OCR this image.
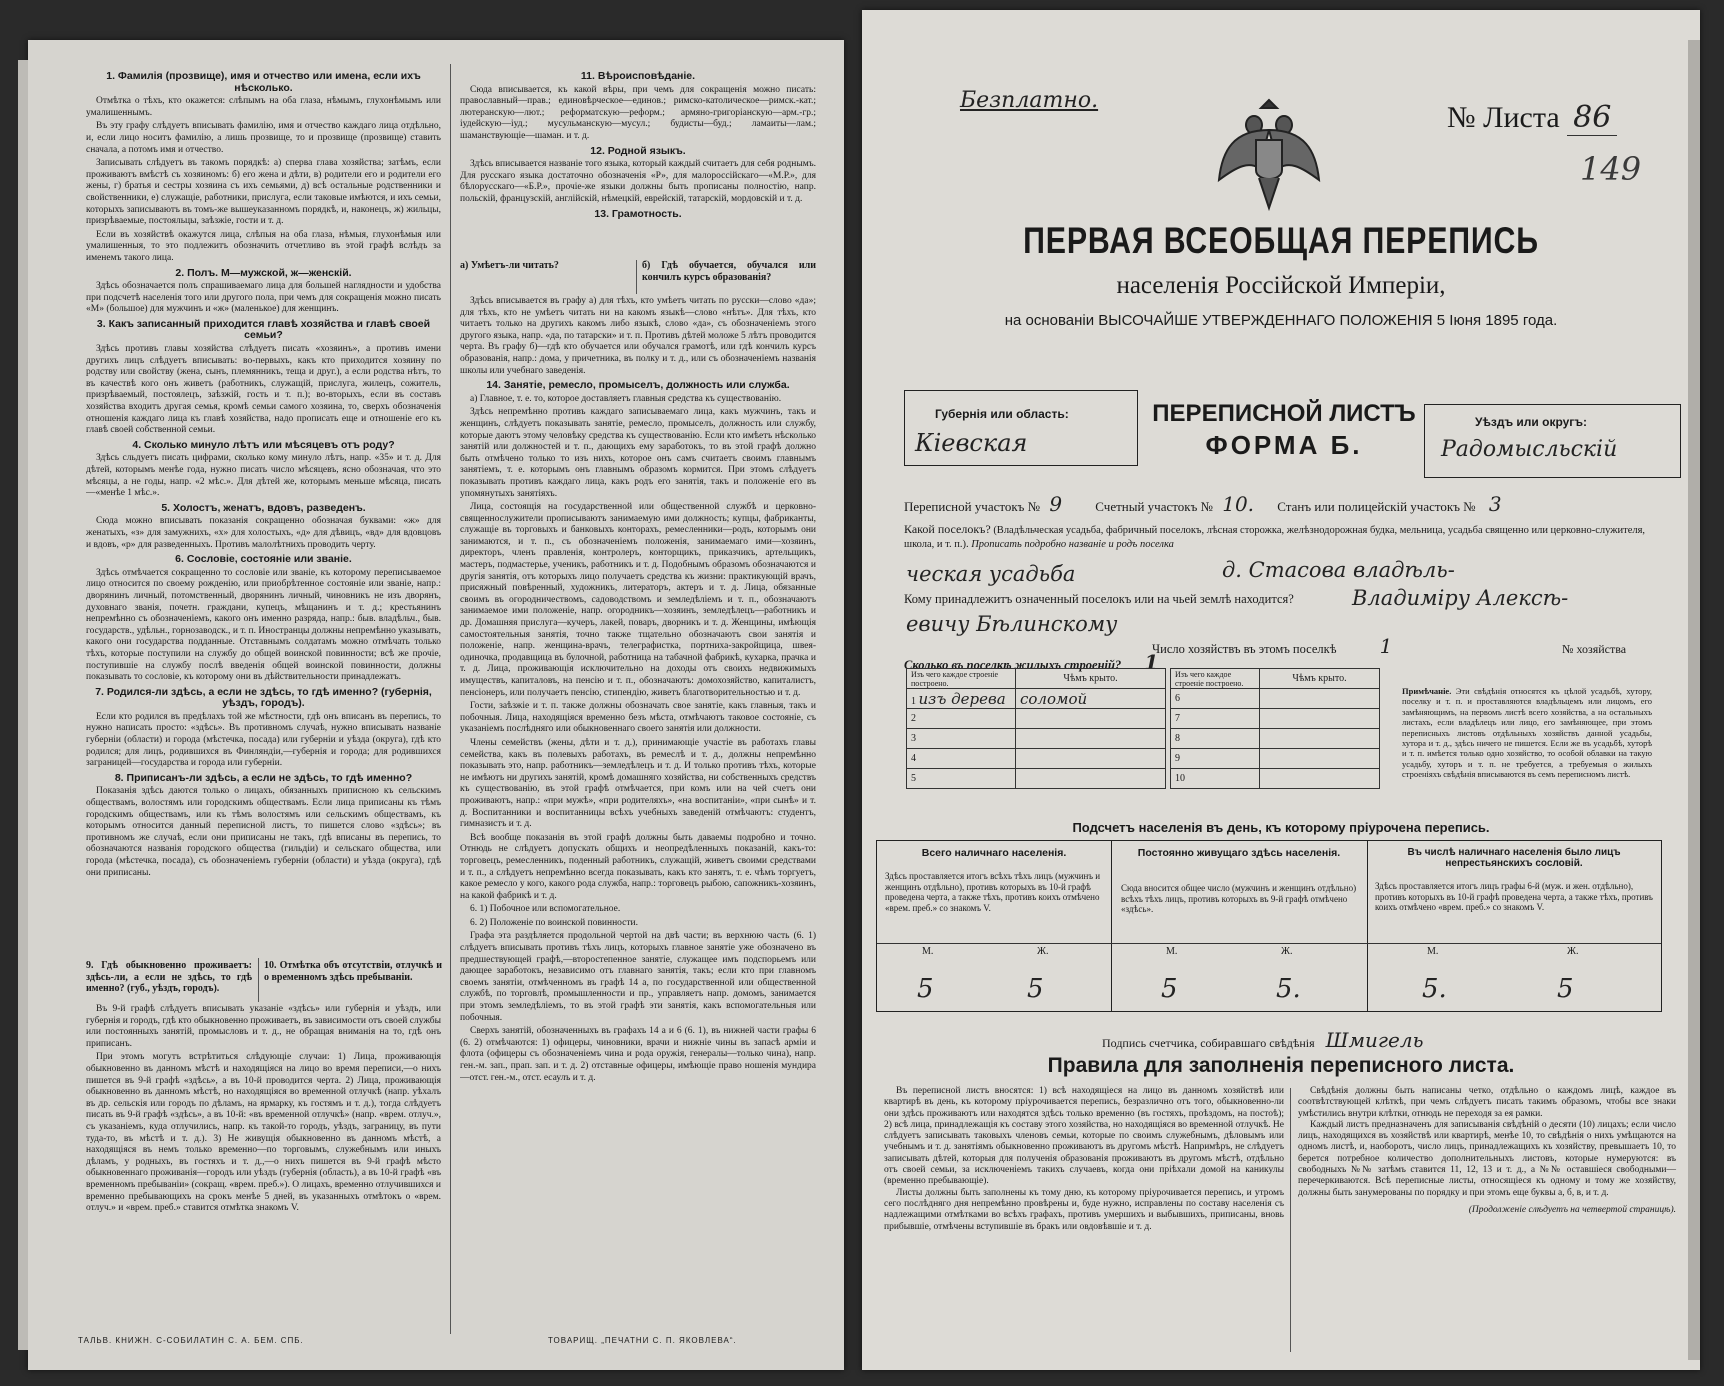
1. Фамилія (прозвище), имя и отчество или имена, если ихъ нѣсколько.

Отмѣтка о тѣхъ, кто окажется: слѣпымъ на оба глаза, нѣмымъ, глухонѣмымъ или умалишеннымъ.

Въ эту графу слѣдуетъ вписывать фамилію, имя и отчество каждаго лица отдѣльно, и, если лицо носитъ фамилію, а лишь прозвище, то и прозвище (прозвище) ставить сначала, а потомъ имя и отчество.

Записывать слѣдуетъ въ такомъ порядкѣ: а) сперва глава хозяйства; затѣмъ, если проживаютъ вмѣстѣ съ хозяиномъ: б) его жена и дѣти, в) родители его и родители его жены, г) братья и сестры хозяина съ ихъ семьями, д) всѣ остальные родственники и свойственники, е) служащіе, работники, прислуга, если таковые имѣются, и ихъ семьи, которыхъ записываютъ въ томъ-же вышеуказанномъ порядкѣ, и, наконецъ, ж) жильцы, призрѣваемые, постояльцы, заѣзжіе, гости и т. д.

Если въ хозяйствѣ окажутся лица, слѣпыя на оба глаза, нѣмыя, глухонѣмыя или умалишенныя, то это подлежитъ обозначить отчетливо въ этой графѣ вслѣдъ за именемъ такого лица.

2. Полъ. М—мужской, ж—женскій.

Здѣсь обозначается полъ спрашиваемаго лица для большей наглядности и удобства при подсчетѣ населенія того или другого пола, при чемъ для сокращенія можно писать «М» (большое) для мужчинъ и «ж» (маленькое) для женщинъ.

3. Какъ записанный приходится главѣ хозяйства и главѣ своей семьи?

Здѣсь противъ главы хозяйства слѣдуетъ писать «хозяинъ», а противъ имени другихъ лицъ слѣдуетъ вписывать: во-первыхъ, какъ кто приходится хозяину по родству или свойству (жена, сынъ, племянникъ, теща и друг.), а если родства нѣтъ, то въ качествѣ кого онъ живетъ (работникъ, служащій, прислуга, жилецъ, сожитель, призрѣваемый, постоялецъ, заѣзжій, гость и т. п.); во-вторыхъ, если въ составъ хозяйства входитъ другая семья, кромѣ семьи самого хозяина, то, сверхъ обозначенія отношенія каждаго лица къ главѣ хозяйства, надо прописать еще и отношеніе его къ главѣ своей собственной семьи.

4. Сколько минуло лѣтъ или мѣсяцевъ отъ роду?

Здѣсь сльдуетъ писать цифрами, сколько кому минуло лѣтъ, напр. «35» и т. д. Для дѣтей, которымъ менѣе года, нужно писать число мѣсяцевъ, ясно обозначая, что это мѣсяцы, а не годы, напр. «2 мѣс.». Для дѣтей же, которымъ меньше мѣсяца, писать—«менѣе 1 мѣс.».

5. Холостъ, женатъ, вдовъ, разведенъ.

Сюда можно вписывать показанія сокращенно обозначая буквами: «ж» для женатыхъ, «з» для замужнихъ, «х» для холостыхъ, «д» для дѣвицъ, «вд» для вдовцовъ и вдовъ, «р» для разведенныхъ. Противъ малолѣтнихъ проводить черту.

6. Сословіе, состояніе или званіе.

Здѣсь отмѣчается сокращенно то сословіе или званіе, къ которому переписываемое лицо относится по своему рожденію, или приобрѣтенное состояніе или званіе, напр.: дворянинъ личный, потомственный, дворянинъ личный, чиновникъ не изъ дворянъ, духовнаго званія, почетн. граждани, купецъ, мѣщанинъ и т. д.; крестьянинъ непремѣнно съ обозначеніемъ, какого онъ именно разряда, напр.: быв. владѣльч., быв. государств., удѣльн., горнозаводск., и т. п. Иностранцы должны непремѣнно указывать, какого они государства подданные. Отставнымъ солдатамъ можно отмѣчать только тѣхъ, которые поступили на службу до общей воинской повинности; всѣ же прочіе, поступившіе на службу послѣ введенія общей воинской повинности, должны показывать то сословіе, къ которому они въ дѣйствительности принадлежатъ.

7. Родился-ли здѣсь, а если не здѣсь, то гдѣ именно? (губернія, уѣздъ, городъ).

Если кто родился въ предѣлахъ той же мѣстности, гдѣ онъ вписанъ въ перепись, то нужно написать просто: «здѣсь». Въ противномъ случаѣ, нужно вписывать названіе губерніи (области) и города (мѣстечка, посада) или губерніи и уѣзда (округа), гдѣ кто родился; для лицъ, родившихся въ Финляндіи,—губернія и города; для родившихся заграницей—государства и города или губерніи.

8. Приписанъ-ли здѣсь, а если не здѣсь, то гдѣ именно?

Показанія здѣсь даются только о лицахъ, обязанныхъ приписною къ сельскимъ обществамъ, волостямъ или городскимъ обществамъ. Если лица приписаны къ тѣмъ городскимъ обществамъ, или къ тѣмъ волостямъ или сельскимъ обществамъ, къ которымъ относится данный переписной листъ, то пишется слово «здѣсь»; въ противномъ же случаѣ, если они приписаны не такъ, гдѣ вписаны въ перепись, то обозначаются названія городского общества (гильдіи) и сельскаго общества, или города (мѣстечка, посада), съ обозначеніемъ губерніи (области) и уѣзда (округа), гдѣ они приписаны.

9. Гдѣ обыкновенно проживаетъ: здѣсь-ли, а если не здѣсь, то гдѣ именно? (губ., уѣздъ, городъ).
10. Отмѣтка объ отсутствіи, отлучкѣ и о временномъ здѣсь пребываніи.

Въ 9-й графѣ слѣдуетъ вписывать указаніе «здѣсь» или губернія и уѣздъ, или губернія и городъ, гдѣ кто обыкновенно проживаетъ, въ зависимости отъ своей службы или постоянныхъ занятій, промысловъ и т. д., не обращая вниманія на то, гдѣ онъ приписанъ.

При этомъ могутъ встрѣтиться слѣдующіе случаи: 1) Лица, проживающія обыкновенно въ данномъ мѣстѣ и находящіяся на лицо во время переписи,—о нихъ пишется въ 9-й графѣ «здѣсь», а въ 10-й проводится черта. 2) Лица, проживающія обыкновенно въ данномъ мѣстѣ, но находящіяся во временной отлучкѣ (напр. уѣхалъ въ др. сельскія или городъ по дѣламъ, на ярмарку, къ гостямъ и т. д.), тогда слѣдуетъ писать въ 9-й графѣ «здѣсь», а въ 10-й: «въ временной отлучкѣ» (напр. «врем. отлуч.», съ указаніемъ, куда отлучились, напр. къ такой-то городъ, уѣздъ, заграницу, въ пути туда-то, въ мѣстѣ и т. д.). 3) Не живущія обыкновенно въ данномъ мѣстѣ, а находящіяся въ немъ только временно—по торговымъ, служебнымъ или иныхъ дѣламъ, у родныхъ, въ гостяхъ и т. д.,—о нихъ пишется въ 9-й графѣ мѣсто обыкновеннаго проживанія—городъ или уѣздъ (губернія (область), а въ 10-й графѣ «въ временномъ пребываніи» (сокращ. «врем. преб.»). О лицахъ, временно отлучившихся и временно пребывающихъ на срокъ менѣе 5 дней, въ указанныхъ отмѣтокъ о «врем. отлуч.» и «врем. преб.» ставится отмѣтка знакомъ V.

11. Вѣроисповѣданіе.

Сюда вписывается, къ какой вѣры, при чемъ для сокращенія можно писать: православный—прав.; единовѣрческое—единов.; римско-католическое—римск.-кат.; лютеранскую—лют.; реформатскую—реформ.; армяно-григоріанскую—арм.-гр.; іудейскую—іуд.; мусульманскую—мусул.; будисты—буд.; ламаиты—лам.; шаманствующіе—шаман. и т. д.

12. Родной языкъ.

Здѣсь вписывается названіе того языка, который каждый считаетъ для себя роднымъ. Для русскаго языка достаточно обозначенія «Р», для малороссійскаго—«М.Р.», для бѣлорусскаго—«Б.Р.», прочіе-же языки должны быть прописаны полностію, напр. польскій, французскій, англійскій, нѣмецкій, еврейскій, татарскій, мордовскій и т. д.

13. Грамотность.
а) Умѣетъ-ли читать?	б) Гдѣ обучается, обучался или кончилъ курсъ образованія?

Здѣсь вписывается въ графу а) для тѣхъ, кто умѣетъ читать по русски—слово «да»; для тѣхъ, кто не умѣетъ читать ни на какомъ языкѣ—слово «нѣтъ». Для тѣхъ, кто читаетъ только на другихъ какомъ либо языкѣ, слово «да», съ обозначеніемъ этого другого языка, напр. «да, по татарски» и т. п. Противъ дѣтей моложе 5 лѣтъ проводится черта. Въ графу б)—гдѣ кто обучается или обучался грамотѣ, или гдѣ кончилъ курсъ образованія, напр.: дома, у причетника, въ полку и т. д., или съ обозначеніемъ названія школы или учебнаго заведенія.

14. Занятіе, ремесло, промыселъ, должность или служба.

а) Главное, т. е. то, которое доставляетъ главныя средства къ существованію.

Здѣсь непремѣнно противъ каждаго записываемаго лица, какъ мужчинъ, такъ и женщинъ, слѣдуетъ показывать занятіе, ремесло, промыселъ, должность или службу, которые даютъ этому человѣку средства къ существованію. Если кто имѣетъ нѣсколько занятій или должностей и т. п., дающихъ ему заработокъ, то въ этой графѣ должно быть отмѣчено только то изъ нихъ, которое онъ самъ считаетъ своимъ главнымъ занятіемъ, т. е. которымъ онъ главнымъ образомъ кормится. При этомъ слѣдуетъ показывать противъ каждаго лица, какъ родъ его занятія, такъ и положеніе его въ упомянутыхъ занятіяхъ.

Лица, состоящія на государственной или общественной службѣ и церковно-священнослужители прописываютъ занимаемую ими должность; купцы, фабриканты, служащіе въ торговыхъ и банковыхъ конторахъ, ремесленники—родъ, которымъ они занимаются, и т. п., съ обозначеніемъ положенія, занимаемаго ими—хозяинъ, директоръ, членъ правленія, контролеръ, конторщикъ, приказчикъ, артельщикъ, мастеръ, подмастерье, ученикъ, работникъ и т. д. Подобнымъ образомъ обозначаются и другія занятія, отъ которыхъ лицо получаетъ средства къ жизни: практикующій врачъ, присяжный повѣренный, художникъ, литераторъ, актеръ и т. д. Лица, обязанные своимъ въ огородничествомъ, садоводствомъ и земледѣліемъ и т. п., обозначаютъ занимаемое ими положеніе, напр. огородникъ—хозяинъ, земледѣлецъ—работникъ и др. Домашняя прислуга—кучеръ, лакей, поваръ, дворникъ и т. д. Женщины, имѣющія самостоятельныя занятія, точно также тщательно обозначаютъ свои занятія и положеніе, напр. женщина-врачъ, телеграфистка, портниха-закройщица, швея-одиночка, продавщица въ булочной, работница на табачной фабрикѣ, кухарка, прачка и т. д. Лица, проживающія исключительно на доходы отъ своихъ недвижимыхъ имуществъ, капиталовъ, на пенсію и т. п., обозначаютъ: домохозяйство, капиталистъ, пенсіонеръ, или получаетъ пенсію, стипендію, живетъ благотворительностью и т. д.

Гости, заѣзжіе и т. п. также должны обозначать свое занятіе, какъ главныя, такъ и побочныя. Лица, находящіяся временно безъ мѣста, отмѣчаютъ таковое состояніе, съ указаніемъ послѣдняго или обыкновеннаго своего занятія или должности.

Члены семействъ (жены, дѣти и т. д.), принимающіе участіе въ работахъ главы семейства, какъ въ полевыхъ работахъ, въ ремеслѣ и т. д., должны непремѣнно показывать это, напр. работникъ—земледѣлецъ и т. д. И только противъ тѣхъ, которые не имѣютъ ни другихъ занятій, кромѣ домашняго хозяйства, ни собственныхъ средствъ къ существованію, въ этой графѣ отмѣчается, при комъ или на чей счетъ они проживаютъ, напр.: «при мужѣ», «при родителяхъ», «на воспитаніи», «при сынѣ» и т. д. Воспитанники и воспитанницы всѣхъ учебныхъ заведеній отмѣчаютъ: студентъ, гимназистъ и т. д.

Всѣ вообще показанія въ этой графѣ должны быть даваемы подробно и точно. Отнюдь не слѣдуетъ допускать общихъ и неопредѣленныхъ показаній, какъ-то: торговецъ, ремесленникъ, поденный работникъ, служащій, живетъ своими средствами и т. п., а слѣдуетъ непремѣнно всегда показывать, какъ кто занятъ, т. е. чѣмъ торгуетъ, какое ремесло у кого, какого рода служба, напр.: торговецъ рыбою, сапожникъ-хозяинъ, на какой фабрикѣ и т. д.

6. 1) Побочное или вспомогательное.

6. 2) Положеніе по воинской повинности.

Графа эта раздѣляется продольной чертой на двѣ части; въ верхнюю часть (6. 1) слѣдуетъ вписывать противъ тѣхъ лицъ, которыхъ главное занятіе уже обозначено въ предшествующей графѣ,—второстепенное занятіе, служащее имъ подспорьемъ или дающее заработокъ, независимо отъ главнаго занятія, такъ; если кто при главномъ своемъ занятіи, отмѣченномъ въ графѣ 14 а, по государственной или общественной службѣ, по торговлѣ, промышленности и пр., управляетъ напр. домомъ, занимается при этомъ земледѣліемъ, то въ этой графѣ эти занятія, какъ вспомогательныя или побочныя.

Сверхъ занятій, обозначенныхъ въ графахъ 14 а и 6 (6. 1), въ нижней части графы 6 (6. 2) отмѣчаются: 1) офицеры, чиновники, врачи и нижніе чины въ запасѣ арміи и флота (офицеры съ обозначеніемъ чина и рода оружія, генералы—только чина), напр. ген.-м. зап., прап. зап. и т. д. 2) отставные офицеры, имѣющіе право ношенія мундира—отст. ген.-м., отст. есаулъ и т. д.

ТАЛЬВ. КНИЖН. С-СОБИЛАТИН С. А. БЕМ. СПБ.	ТОВАРИЩ. „ПЕЧАТНИ С. П. ЯКОВЛЕВА“.
Безплатно.
№ Листа 86
149
ПЕРВАЯ ВСЕОБЩАЯ ПЕРЕПИСЬ
населенія Россійской Имперіи,
на основаніи ВЫСОЧАЙШЕ УТВЕРЖДЕННАГО ПОЛОЖЕНІЯ 5 Іюня 1895 года.
Губернія или область:
Кіевская
ПЕРЕПИСНОЙ ЛИСТЪ
ФОРМА Б.
Уѣздъ или округъ:
Радомысльскій
Переписной участокъ № 9	Счетный участокъ № 10. Станъ или полицейскій участокъ № 3
Какой поселокъ? (Владѣльческая усадьба, фабричный поселокъ, лѣсная сторожка, желѣзнодорожная будка, мельница, усадьба священно или церковно-служителя, школа, и т. п.). Прописать подробно названіе и родъ поселка
д. Стасова владѣль-
ческая усадьба
Кому принадлежитъ означенный поселокъ или на чьей землѣ находится?	Владиміру Алексѣ-
евичу Бѣлинскому
Число хозяйствъ въ этомъ поселкѣ 1
Сколько въ поселкѣ жилыхъ строеній? 1
№ хозяйства
Изъ чего каждое строеніе построено.	Чѣмъ крыто.
1 изъ дерева	соломой
2	
3	
4	
5	
Изъ чего каждое строеніе построено.	Чѣмъ крыто.
6	
7	
8	
9	
10	
Примѣчаніе. Эти свѣдѣнія относятся къ цѣлой усадьбѣ, хутору, поселку и т. п. и проставляются владѣльцемъ или лицомъ, его замѣняющимъ, на первомъ листѣ всего хозяйства, а на остальныхъ листахъ, если владѣлецъ или лицо, его замѣняющее, при этомъ переписныхъ листовъ отдѣльныхъ хозяйствъ данной усадьбы, хутора и т. д., здѣсь ничего не пишется. Если же въ усадьбѣ, хуторѣ и т. п. имѣется только одно хозяйство, то особой облавки на такую усадьбу, хуторъ и т. п. не требуется, а требуемыя о жилыхъ строеніяхъ свѣдѣнія вписываются въ семъ переписномъ листѣ.
Подсчетъ населенія въ день, къ которому пріурочена перепись.
Всего наличнаго населенія.
Здѣсь проставляется итогъ всѣхъ тѣхъ лицъ (мужчинъ и женщинъ отдѣльно), противъ которыхъ въ 10-й графѣ проведена черта, а также тѣхъ, противъ коихъ отмѣчено «врем. преб.» со знакомъ V.
М.	Ж.
5	5
Постоянно живущаго здѣсь населенія.
Сюда вносится общее число (мужчинъ и женщинъ отдѣльно) всѣхъ тѣхъ лицъ, противъ которыхъ въ 9-й графѣ отмѣчено «здѣсь».
М.	Ж.
5	5.
Въ числѣ наличнаго населенія было лицъ непрестьянскихъ сословій.
Здѣсь проставляется итогъ лицъ графы 6-й (муж. и жен. отдѣльно), противъ которыхъ въ 10-й графѣ проведена черта, а также тѣхъ, противъ коихъ отмѣчено «врем. преб.» со знакомъ V.
М.	Ж.
5.	5
Подпись счетчика, собиравшаго свѣдѣнія Шмигель
Правила для заполненія переписного листа.

Въ переписной листъ вносятся: 1) всѣ находящіеся на лицо въ данномъ хозяйствѣ или квартирѣ въ день, къ которому пріурочивается перепись, безразлично отъ того, обыкновенно-ли они здѣсь проживаютъ или находятся здѣсь только временно (въ гостяхъ, проѣздомъ, на постоѣ); 2) всѣ лица, принадлежащія къ составу этого хозяйства, но находящіяся во временной отлучкѣ. Не слѣдуетъ записывать таковыхъ членовъ семьи, которые по своимъ служебнымъ, дѣловымъ или учебнымъ и т. д. занятіямъ обыкновенно проживаютъ въ другомъ мѣстѣ. Напримѣръ, не слѣдуетъ записывать дѣтей, которыя для полученія образованія проживаютъ въ другомъ мѣстѣ, отдѣльно отъ своей семьи, за исключеніемъ такихъ случаевъ, когда они пріѣхали домой на каникулы (временно пребывающіе).

Листы должны быть заполнены къ тому дню, къ которому пріурочивается перепись, и утромъ сего послѣдняго дня непремѣнно провѣрены и, буде нужно, исправлены по составу населенія съ надлежащими отмѣтками во всѣхъ графахъ, противъ умершихъ и выбывшихъ, приписаны, вновь прибывшіе, отмѣчены вступившіе въ бракъ или овдовѣвшіе и т. д.

Свѣдѣнія должны быть написаны четко, отдѣльно о каждомъ лицѣ, каждое въ соотвѣтствующей клѣткѣ, при чемъ слѣдуетъ писать такимъ образомъ, чтобы все знаки умѣстились внутри клѣтки, отнюдь не переходя за ея рамки.

Каждый листъ предназначенъ для записыванія свѣдѣній о десяти (10) лицахъ; если число лицъ, находящихся въ хозяйствѣ или квартирѣ, менѣе 10, то свѣдѣнія о нихъ умѣщаются на одномъ листѣ, и, наоборотъ, число лицъ, принадлежащихъ къ хозяйству, превышаетъ 10, то берется потребное количество дополнительныхъ листовъ, которые нумеруются: въ свободныхъ №№ затѣмъ ставится 11, 12, 13 и т. д., а №№ оставшіеся свободными—перечеркиваются. Всѣ переписные листы, относящіеся къ одному и тому же хозяйству, должны быть занумерованы по порядку и при этомъ еще буквы а, б, в, и т. д.

(Продолженіе слѣдуетъ на четвертой страницѣ).
